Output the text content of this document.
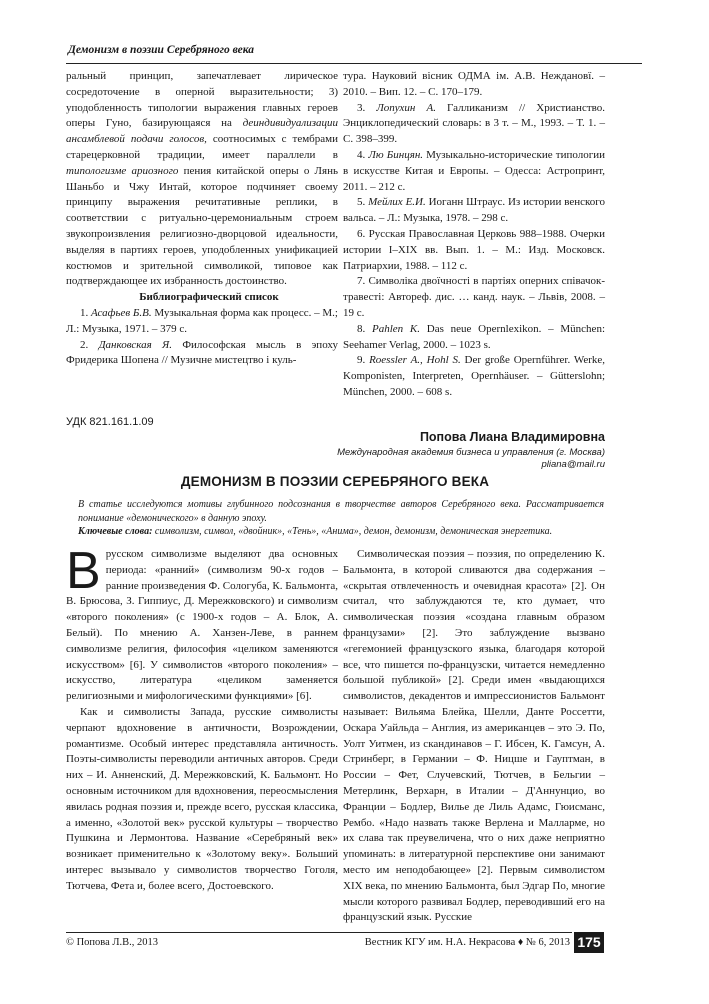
Демонизм в поэзии Серебряного века

ральный принцип, запечатлевает лирическое сосредоточение в оперной выразительности; 3) уподобленность типологии выражения главных героев оперы Гуно, базирующаяся на деиндивидуализации ансамблевой подачи голосов, соотносимых с тембрами старецерковной традиции, имеет параллели в типологизме ариозного пения китайской оперы о Лянь Шаньбо и Чжу Интай, которое подчиняет своему принципу выражения речитативные реплики, в соответствии с ритуально-церемониальным строем звукопроизвления религиозно-дворцовой идеальности, выделяя в партиях героев, уподобленных унификацией костюмов и зрительной символикой, типовое как подтверждающее их избранность достоинство.

Библиографический список

1. Асафьев Б.В. Музыкальная форма как процесс. – М.; Л.: Музыка, 1971. – 379 с.

2. Данковская Я. Философская мысль в эпоху Фридерика Шопена // Музичне мистецтво і куль-

тура. Науковий вісник ОДМА ім. А.В. Неждановї. – 2010. – Вип. 12. – С. 170–179.

3. Лопухин А. Галликанизм // Христианство. Энциклопедический словарь: в 3 т. – М., 1993. – Т. 1. – С. 398–399.

4. Лю Бинцян. Музыкально-исторические типологии в искусстве Китая и Европы. – Одесса: Астропринт, 2011. – 212 с.

5. Мейлих Е.И. Иоганн Штраус. Из истории венского вальса. – Л.: Музыка, 1978. – 298 с.

6. Русская Православная Церковь 988–1988. Очерки истории I–XIX вв. Вып. 1. – М.: Изд. Московск. Патриархии, 1988. – 112 с.

7. Символіка двоїчності в партіях оперних співачок-травесті: Автореф. дис. … канд. наук. – Львів, 2008. – 19 с.

8. Pahlen K. Das neue Opernlexikon. – München: Seehamer Verlag, 2000. – 1023 s.

9. Roessler A., Hohl S. Der große Opernführer. Werke, Komponisten, Interpreten, Opernhäuser. – Gütterslohn; München, 2000. – 608 s.

УДК 821.161.1.09
Попова Лиана Владимировна
Международная академия бизнеса и управления (г. Москва)
pliana@mail.ru
ДЕМОНИЗМ В ПОЭЗИИ СЕРЕБРЯНОГО ВЕКА

В статье исследуются мотивы глубинного подсознания в творчестве авторов Серебряного века. Рассматривается понимание «демонического» в данную эпоху.

Ключевые слова: символизм, символ, «двойник», «Тень», «Анима», демон, демонизм, демоническая энергетика.

В русском символизме выделяют два основных периода: «ранний» (символизм 90-х годов – ранние произведения Ф. Сологуба, К. Бальмонта, В. Брюсова, З. Гиппиус, Д. Мережковского) и символизм «второго поколения» (с 1900-х годов – А. Блок, А. Белый). По мнению А. Ханзен-Леве, в раннем символизме религия, философия «целиком заменяются искусством» [6]. У символистов «второго поколения» – искусство, литература «целиком заменяется религиозными и мифологическими функциями» [6].

Как и символисты Запада, русские символисты черпают вдохновение в античности, Возрождении, романтизме. Особый интерес представляла античность. Поэты-символисты переводили античных авторов. Среди них – И. Анненский, Д. Мережковский, К. Бальмонт. Но основным источником для вдохновения, переосмысления явилась родная поэзия и, прежде всего, русская классика, а именно, «Золотой век» русской культуры – творчество Пушкина и Лермонтова. Название «Серебряный век» возникает применительно к «Золотому веку». Больший интерес вызывало у символистов творчество Гоголя, Тютчева, Фета и, более всего, Достоевского.

Символическая поэзия – поэзия, по определению К. Бальмонта, в которой сливаются два содержания – «скрытая отвлеченность и очевидная красота» [2]. Он считал, что заблуждаются те, кто думает, что символическая поэзия «создана главным образом французами» [2]. Это заблуждение вызвано «гегемонией французского языка, благодаря которой все, что пишется по-французски, читается немедленно большой публикой» [2]. Среди имен «выдающихся символистов, декадентов и импрессионистов Бальмонт называет: Вильяма Блейка, Шелли, Данте Россетти, Оскара Уайльда – Англия, из американцев – это Э. По, Уолт Уитмен, из скандинавов – Г. Ибсен, К. Гамсун, А. Стринберг, в Германии – Ф. Ницше и Гауптман, в России – Фет, Случевский, Тютчев, в Бельгии – Метерлинк, Верхарн, в Италии – Д'Аннунцио, во Франции – Бодлер, Вилье де Лиль Адамс, Гюисманс, Рембо. «Надо назвать также Верлена и Малларме, но их слава так преувеличена, что о них даже неприятно упоминать: в литературной перспективе они занимают место им неподобающее» [2]. Первым символистом XIX века, по мнению Бальмонта, был Эдгар По, многие мысли которого развивал Бодлер, переводивший его на французский язык. Русские

© Попова Л.В., 2013	Вестник КГУ им. Н.А. Некрасова ♦ № 6, 2013 175
